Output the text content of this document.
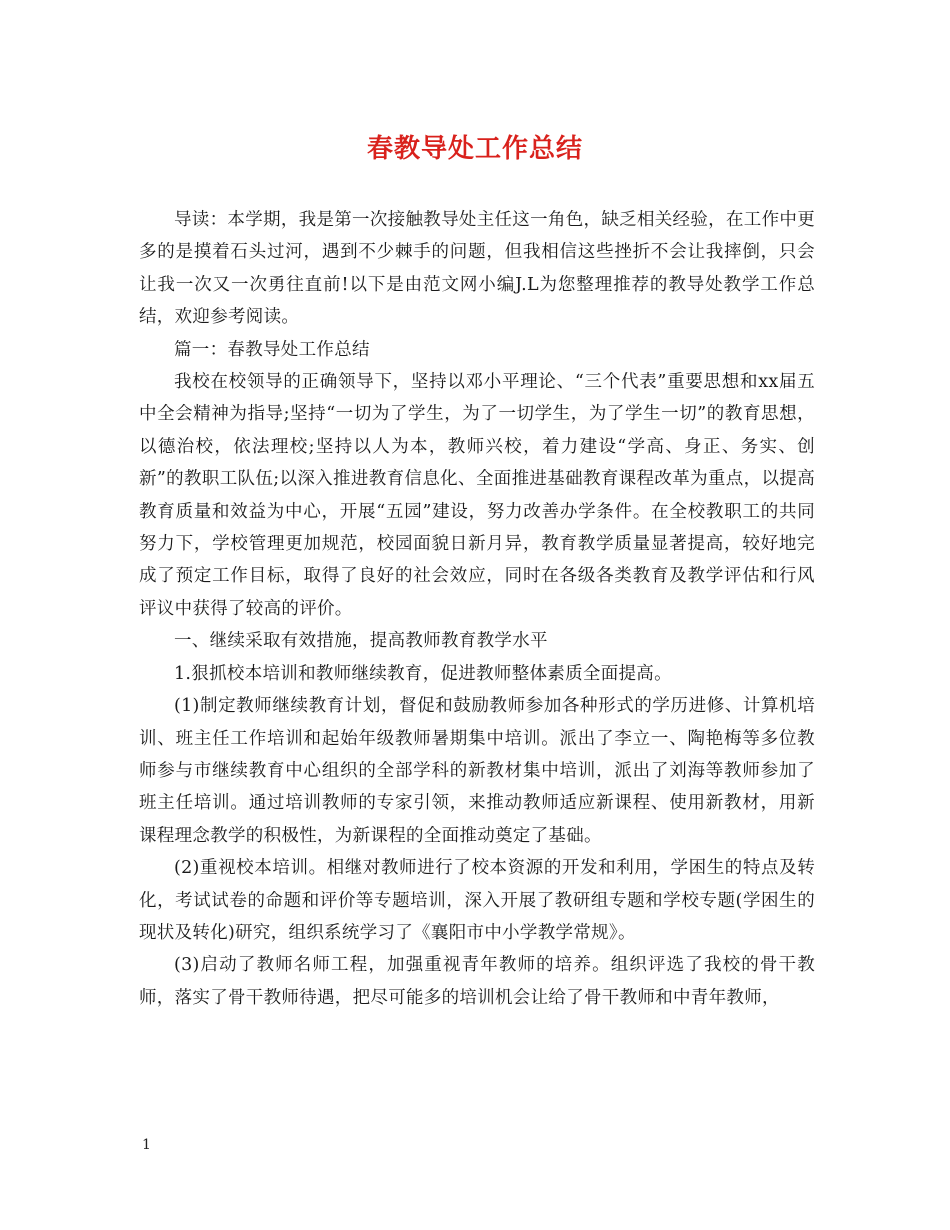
春教导处工作总结

导读：本学期，我是第一次接触教导处主任这一角色，缺乏相关经验，在工作中更多的是摸着石头过河，遇到不少棘手的问题，但我相信这些挫折不会让我摔倒，只会让我一次又一次勇往直前!以下是由范文网小编J.L为您整理推荐的教导处教学工作总结，欢迎参考阅读。

篇一：春教导处工作总结

我校在校领导的正确领导下，坚持以邓小平理论、“三个代表”重要思想和xx届五中全会精神为指导;坚持“一切为了学生，为了一切学生，为了学生一切”的教育思想，以德治校，依法理校;坚持以人为本，教师兴校，着力建设“学高、身正、务实、创新”的教职工队伍;以深入推进教育信息化、全面推进基础教育课程改革为重点，以提高教育质量和效益为中心，开展“五园”建设，努力改善办学条件。在全校教职工的共同努力下，学校管理更加规范，校园面貌日新月异，教育教学质量显著提高，较好地完成了预定工作目标，取得了良好的社会效应，同时在各级各类教育及教学评估和行风评议中获得了较高的评价。

一、继续采取有效措施，提高教师教育教学水平

1.狠抓校本培训和教师继续教育，促进教师整体素质全面提高。

(1)制定教师继续教育计划，督促和鼓励教师参加各种形式的学历进修、计算机培训、班主任工作培训和起始年级教师暑期集中培训。派出了李立一、陶艳梅等多位教师参与市继续教育中心组织的全部学科的新教材集中培训，派出了刘海等教师参加了班主任培训。通过培训教师的专家引领，来推动教师适应新课程、使用新教材，用新课程理念教学的积极性，为新课程的全面推动奠定了基础。

(2)重视校本培训。相继对教师进行了校本资源的开发和利用，学困生的特点及转化，考试试卷的命题和评价等专题培训，深入开展了教研组专题和学校专题(学困生的现状及转化)研究，组织系统学习了《襄阳市中小学教学常规》。

(3)启动了教师名师工程，加强重视青年教师的培养。组织评选了我校的骨干教师，落实了骨干教师待遇，把尽可能多的培训机会让给了骨干教师和中青年教师，

1
